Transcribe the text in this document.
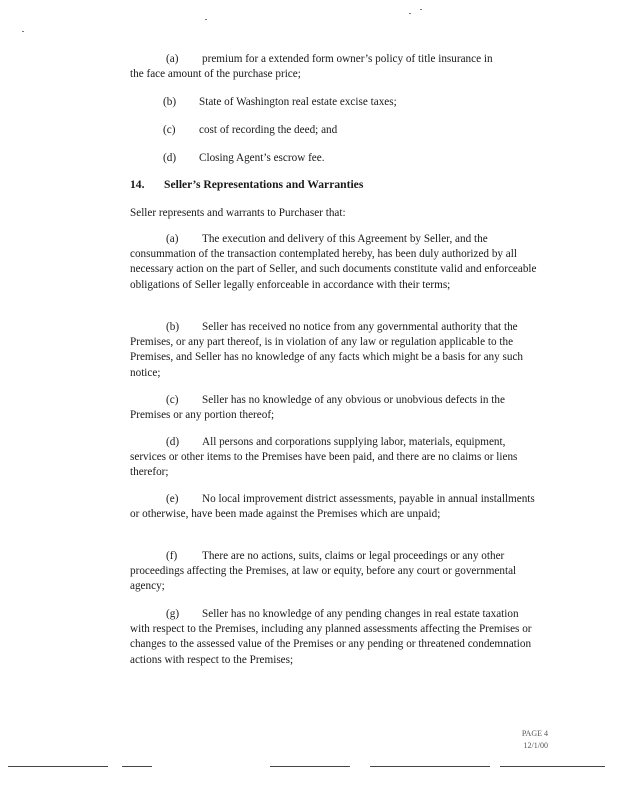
(a) premium for a extended form owner’s policy of title insurance in
the face amount of the purchase price;

(b) State of Washington real estate excise taxes;

(c) cost of recording the deed; and

(d) Closing Agent’s escrow fee.

14. Seller’s Representations and Warranties

Seller represents and warrants to Purchaser that:

(a) The execution and delivery of this Agreement by Seller, and the consummation of the transaction contemplated hereby, has been duly authorized by all necessary action on the part of Seller, and such documents constitute valid and enforceable obligations of Seller legally enforceable in accordance with their terms;

(b) Seller has received no notice from any governmental authority that the Premises, or any part thereof, is in violation of any law or regulation applicable to the Premises, and Seller has no knowledge of any facts which might be a basis for any such notice;

(c) Seller has no knowledge of any obvious or unobvious defects in the Premises or any portion thereof;

(d) All persons and corporations supplying labor, materials, equipment, services or other items to the Premises have been paid, and there are no claims or liens therefor;

(e) No local improvement district assessments, payable in annual installments or otherwise, have been made against the Premises which are unpaid;

(f) There are no actions, suits, claims or legal proceedings or any other proceedings affecting the Premises, at law or equity, before any court or governmental agency;

(g) Seller has no knowledge of any pending changes in real estate taxation with respect to the Premises, including any planned assessments affecting the Premises or changes to the assessed value of the Premises or any pending or threatened condemnation actions with respect to the Premises;

PAGE 4
12/1/00
